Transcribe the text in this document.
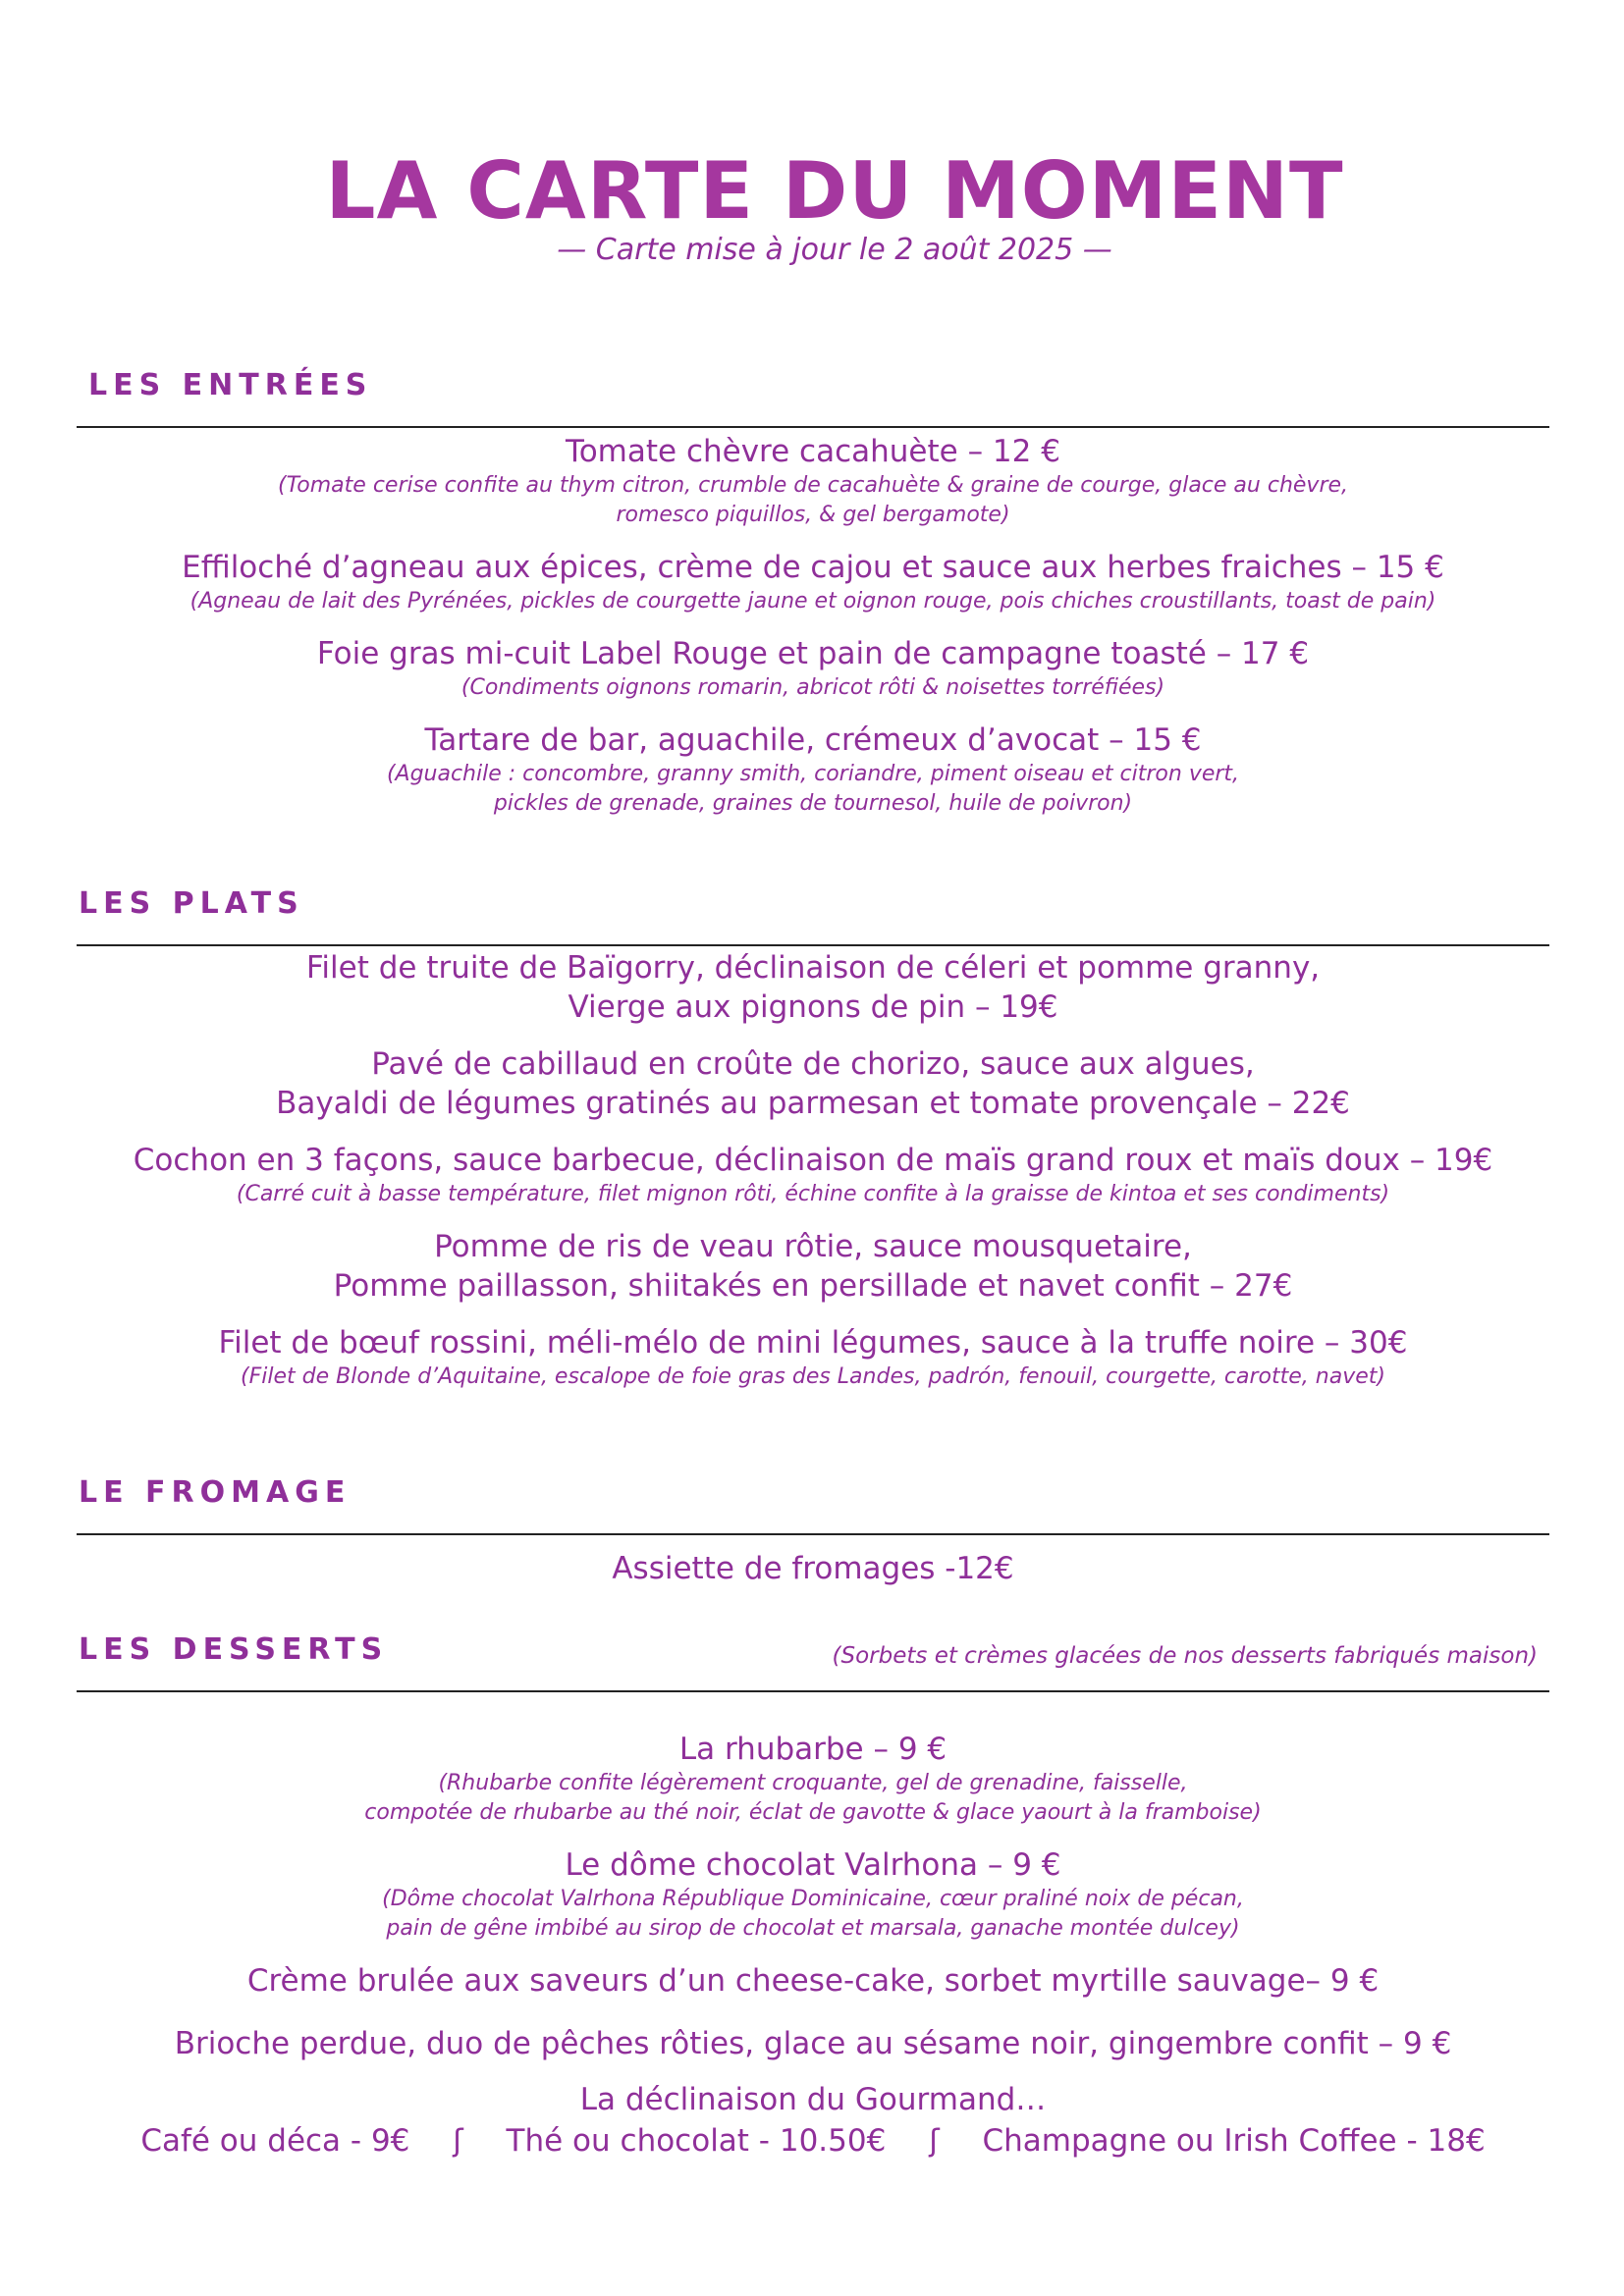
LA CARTE DU MOMENT
— Carte mise à jour le 2 août 2025 —
LES ENTRÉES
Tomate chèvre cacahuète – 12 €
(Tomate cerise confite au thym citron, crumble de cacahuète & graine de courge, glace au chèvre,
romesco piquillos, & gel bergamote)
Effiloché d’agneau aux épices, crème de cajou et sauce aux herbes fraiches – 15 €
(Agneau de lait des Pyrénées, pickles de courgette jaune et oignon rouge, pois chiches croustillants, toast de pain)
Foie gras mi-cuit Label Rouge et pain de campagne toasté – 17 €
(Condiments oignons romarin, abricot rôti & noisettes torréfiées)
Tartare de bar, aguachile, crémeux d’avocat – 15 €
(Aguachile : concombre, granny smith, coriandre, piment oiseau et citron vert,
pickles de grenade, graines de tournesol, huile de poivron)
LES PLATS
Filet de truite de Baïgorry, déclinaison de céleri et pomme granny,
Vierge aux pignons de pin – 19€
Pavé de cabillaud en croûte de chorizo, sauce aux algues,
Bayaldi de légumes gratinés au parmesan et tomate provençale – 22€
Cochon en 3 façons, sauce barbecue, déclinaison de maïs grand roux et maïs doux – 19€
(Carré cuit à basse température, filet mignon rôti, échine confite à la graisse de kintoa et ses condiments)
Pomme de ris de veau rôtie, sauce mousquetaire,
Pomme paillasson, shiitakés en persillade et navet confit – 27€
Filet de bœuf rossini, méli-mélo de mini légumes, sauce à la truffe noire – 30€
(Filet de Blonde d’Aquitaine, escalope de foie gras des Landes, padrón, fenouil, courgette, carotte, navet)
LE FROMAGE
Assiette de fromages -12€
LES DESSERTS	(Sorbets et crèmes glacées de nos desserts fabriqués maison)
La rhubarbe – 9 €
(Rhubarbe confite légèrement croquante, gel de grenadine, faisselle,
compotée de rhubarbe au thé noir, éclat de gavotte & glace yaourt à la framboise)
Le dôme chocolat Valrhona – 9 €
(Dôme chocolat Valrhona République Dominicaine, cœur praliné noix de pécan,
pain de gêne imbibé au sirop de chocolat et marsala, ganache montée dulcey)
Crème brulée aux saveurs d’un cheese-cake, sorbet myrtille sauvage– 9 €
Brioche perdue, duo de pêches rôties, glace au sésame noir, gingembre confit – 9 €
La déclinaison du Gourmand…
Café ou déca - 9€ ʃ Thé ou chocolat - 10.50€ ʃ Champagne ou Irish Coffee - 18€
